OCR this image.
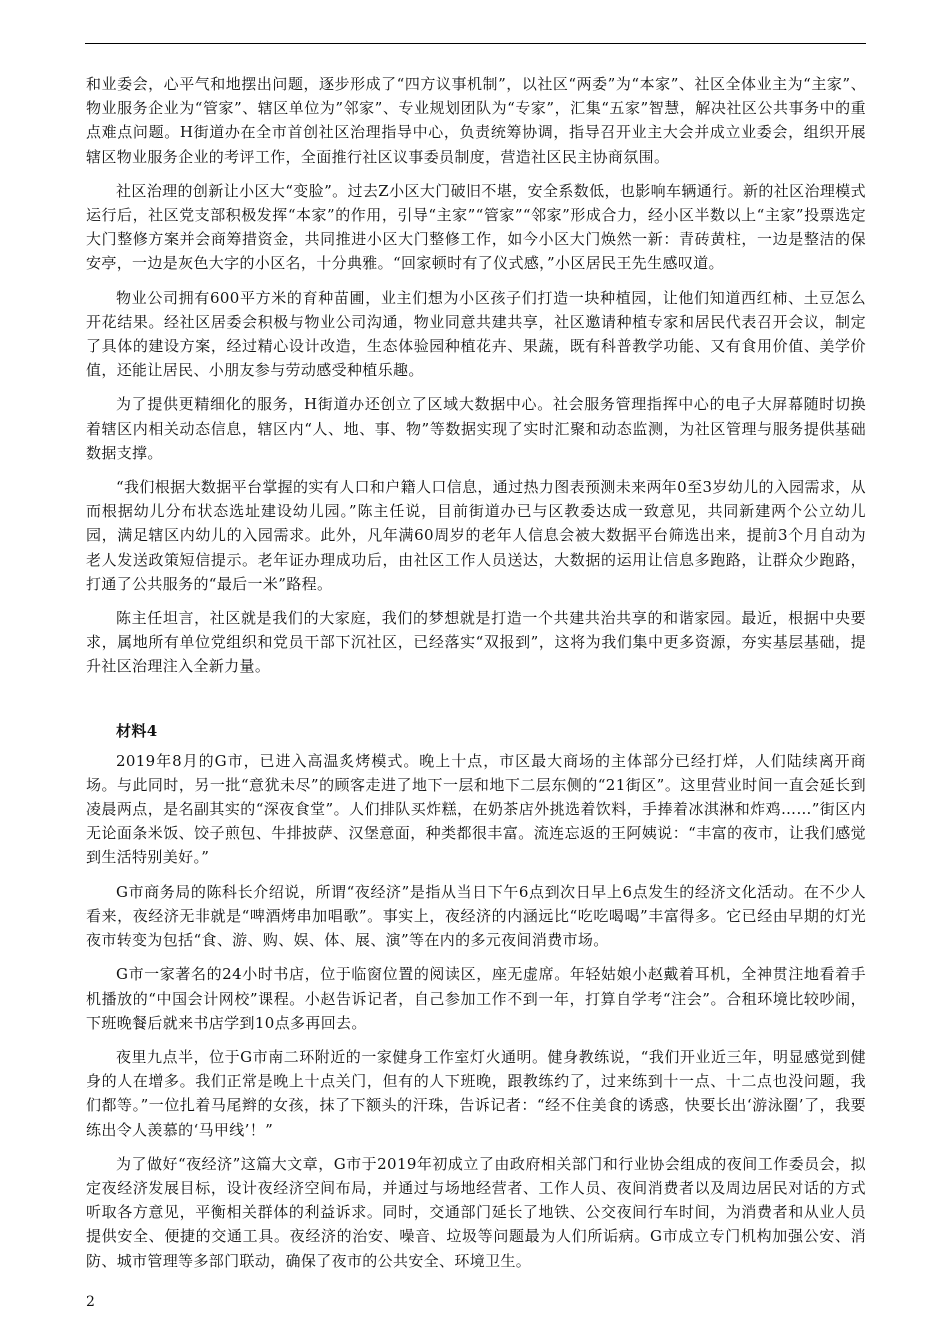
和业委会，心平气和地摆出问题，逐步形成了“四方议事机制”，以社区“两委”为“本家”、社区全体业主为“主家”、物业服务企业为“管家”、辖区单位为”邻家”、专业规划团队为“专家”，汇集“五家”智慧，解决社区公共事务中的重点难点问题。H街道办在全市首创社区治理指导中心，负责统筹协调，指导召开业主大会并成立业委会，组织开展辖区物业服务企业的考评工作，全面推行社区议事委员制度，营造社区民主协商氛围。

社区治理的创新让小区大“变脸”。过去Z小区大门破旧不堪，安全系数低，也影响车辆通行。新的社区治理模式运行后，社区党支部积极发挥“本家”的作用，引导“主家”“管家”“邻家”形成合力，经小区半数以上“主家”投票选定大门整修方案并会商筹措资金，共同推进小区大门整修工作，如今小区大门焕然一新：青砖黄柱，一边是整洁的保安亭，一边是灰色大字的小区名，十分典雅。“回家顿时有了仪式感，”小区居民王先生感叹道。

物业公司拥有600平方米的育种苗圃，业主们想为小区孩子们打造一块种植园，让他们知道西红柿、土豆怎么开花结果。经社区居委会积极与物业公司沟通，物业同意共建共享，社区邀请种植专家和居民代表召开会议，制定了具体的建设方案，经过精心设计改造，生态体验园种植花卉、果蔬，既有科普教学功能、又有食用价值、美学价值，还能让居民、小朋友参与劳动感受种植乐趣。

为了提供更精细化的服务，H街道办还创立了区域大数据中心。社会服务管理指挥中心的电子大屏幕随时切换着辖区内相关动态信息，辖区内“人、地、事、物”等数据实现了实时汇聚和动态监测，为社区管理与服务提供基础数据支撑。

“我们根据大数据平台掌握的实有人口和户籍人口信息，通过热力图表预测未来两年0至3岁幼儿的入园需求，从而根据幼儿分布状态选址建设幼儿园。”陈主任说，目前街道办已与区教委达成一致意见，共同新建两个公立幼儿园，满足辖区内幼儿的入园需求。此外，凡年满60周岁的老年人信息会被大数据平台筛选出来，提前3个月自动为老人发送政策短信提示。老年证办理成功后，由社区工作人员送达，大数据的运用让信息多跑路，让群众少跑路，打通了公共服务的“最后一米”路程。

陈主任坦言，社区就是我们的大家庭，我们的梦想就是打造一个共建共治共享的和谐家园。最近，根据中央要求，属地所有单位党组织和党员干部下沉社区，已经落实“双报到”，这将为我们集中更多资源，夯实基层基础，提升社区治理注入全新力量。

材料4

2019年8月的G市，已进入高温炙烤模式。晚上十点，市区最大商场的主体部分已经打烊，人们陆续离开商场。与此同时，另一批“意犹未尽”的顾客走进了地下一层和地下二层东侧的“21街区”。这里营业时间一直会延长到凌晨两点，是名副其实的“深夜食堂”。人们排队买炸糕，在奶茶店外挑选着饮料，手捧着冰淇淋和炸鸡……”街区内无论面条米饭、饺子煎包、牛排披萨、汉堡意面，种类都很丰富。流连忘返的王阿姨说：“丰富的夜市，让我们感觉到生活特别美好。”

G市商务局的陈科长介绍说，所谓“夜经济”是指从当日下午6点到次日早上6点发生的经济文化活动。在不少人看来，夜经济无非就是“啤酒烤串加唱歌”。事实上，夜经济的内涵远比“吃吃喝喝”丰富得多。它已经由早期的灯光夜市转变为包括“食、游、购、娱、体、展、演”等在内的多元夜间消费市场。

G市一家著名的24小时书店，位于临窗位置的阅读区，座无虚席。年轻姑娘小赵戴着耳机，全神贯注地看着手机播放的“中国会计网校”课程。小赵告诉记者，自己参加工作不到一年，打算自学考“注会”。合租环境比较吵闹，下班晚餐后就来书店学到10点多再回去。

夜里九点半，位于G市南二环附近的一家健身工作室灯火通明。健身教练说，“我们开业近三年，明显感觉到健身的人在增多。我们正常是晚上十点关门，但有的人下班晚，跟教练约了，过来练到十一点、十二点也没问题，我们都等。”一位扎着马尾辫的女孩，抹了下额头的汗珠，告诉记者：“经不住美食的诱惑，快要长出‘游泳圈’了，我要练出令人羡慕的‘马甲线’！”

为了做好“夜经济”这篇大文章，G市于2019年初成立了由政府相关部门和行业协会组成的夜间工作委员会，拟定夜经济发展目标，设计夜经济空间布局，并通过与场地经营者、工作人员、夜间消费者以及周边居民对话的方式听取各方意见，平衡相关群体的利益诉求。同时，交通部门延长了地铁、公交夜间行车时间，为消费者和从业人员提供安全、便捷的交通工具。夜经济的治安、噪音、垃圾等问题最为人们所诟病。G市成立专门机构加强公安、消防、城市管理等多部门联动，确保了夜市的公共安全、环境卫生。

2
